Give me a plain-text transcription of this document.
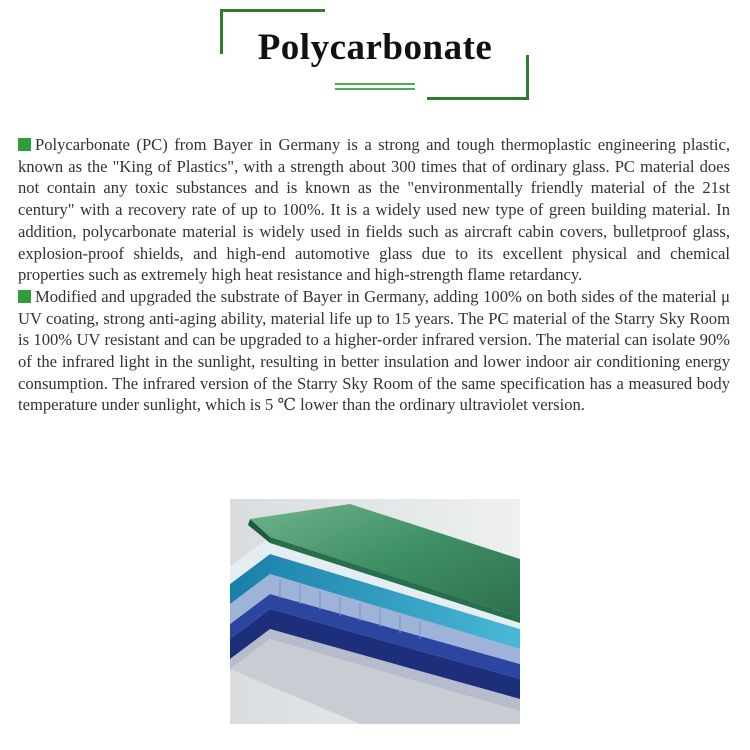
Polycarbonate

Polycarbonate (PC) from Bayer in Germany is a strong and tough thermoplastic engineering plastic, known as the "King of Plastics", with a strength about 300 times that of ordinary glass. PC material does not contain any toxic substances and is known as the "environmentally friendly material of the 21st century" with a recovery rate of up to 100%. It is a widely used new type of green building material. In addition, polycarbonate material is widely used in fields such as aircraft cabin covers, bulletproof glass, explosion-proof shields, and high-end automotive glass due to its excellent physical and chemical properties such as extremely high heat resistance and high-strength flame retardancy.

Modified and upgraded the substrate of Bayer in Germany, adding 100% on both sides of the material μ UV coating, strong anti-aging ability, material life up to 15 years. The PC material of the Starry Sky Room is 100% UV resistant and can be upgraded to a higher-order infrared version. The material can isolate 90% of the infrared light in the sunlight, resulting in better insulation and lower indoor air conditioning energy consumption. The infrared version of the Starry Sky Room of the same specification has a measured body temperature under sunlight, which is 5 ℃ lower than the ordinary ultraviolet version.
